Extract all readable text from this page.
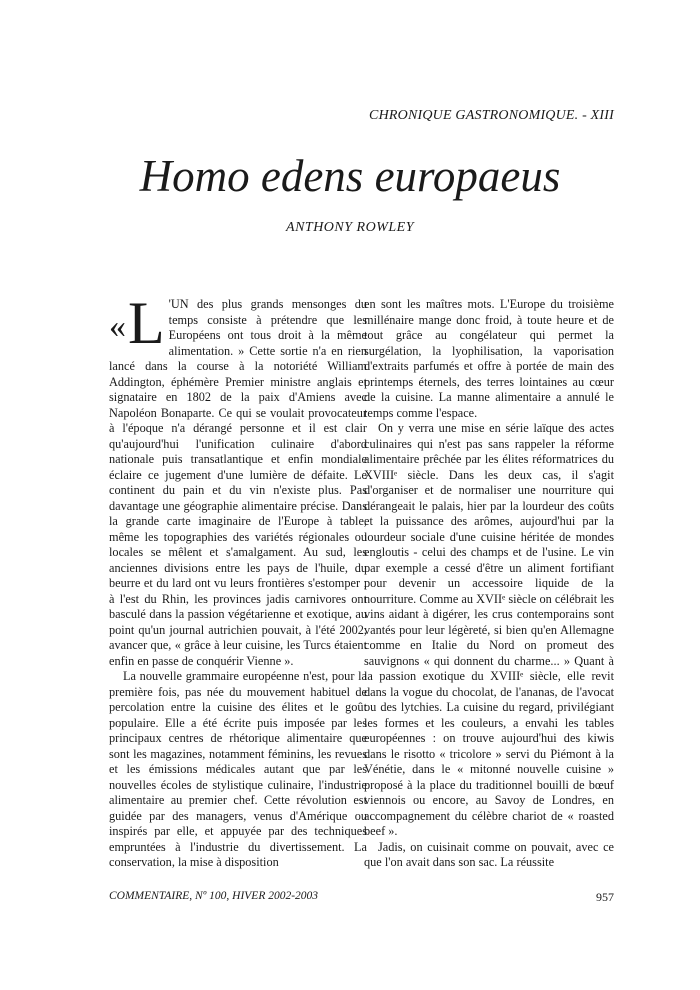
CHRONIQUE GASTRONOMIQUE. - XIII
Homo edens europaeus
ANTHONY ROWLEY

«L 'UN des plus grands mensonges du temps consiste à prétendre que les Européens ont tous droit à la même alimentation. » Cette sortie n'a en rien lancé dans la course à la notoriété William Addington, éphémère Premier ministre anglais et signataire en 1802 de la paix d'Amiens avec Napoléon Bonaparte. Ce qui se voulait provocateur à l'époque n'a dérangé personne et il est clair qu'aujourd'hui l'unification culinaire d'abord nationale puis transatlantique et enfin mondiale éclaire ce jugement d'une lumière de défaite. Le continent du pain et du vin n'existe plus. Pas davantage une géographie alimentaire précise. Dans la grande carte imaginaire de l'Europe à table, même les topographies des variétés régionales ou locales se mêlent et s'amalgament. Au sud, les anciennes divisions entre les pays de l'huile, du beurre et du lard ont vu leurs frontières s'estomper ; à l'est du Rhin, les provinces jadis carnivores ont basculé dans la passion végétarienne et exotique, au point qu'un journal autrichien pouvait, à l'été 2002, avancer que, « grâce à leur cuisine, les Turcs étaient enfin en passe de conquérir Vienne ».

La nouvelle grammaire européenne n'est, pour la première fois, pas née du mouvement habituel de percolation entre la cuisine des élites et le goût populaire. Elle a été écrite puis imposée par les principaux centres de rhétorique alimentaire que sont les magazines, notamment féminins, les revues et les émissions médicales autant que par les nouvelles écoles de stylistique culinaire, l'industrie alimentaire au premier chef. Cette révolution est guidée par des managers, venus d'Amérique ou inspirés par elle, et appuyée par des techniques empruntées à l'industrie du divertissement. La conservation, la mise à disposition

en sont les maîtres mots. L'Europe du troisième millénaire mange donc froid, à toute heure et de tout grâce au congélateur qui permet la surgélation, la lyophilisation, la vaporisation d'extraits parfumés et offre à portée de main des printemps éternels, des terres lointaines au cœur de la cuisine. La manne alimentaire a annulé le temps comme l'espace.

On y verra une mise en série laïque des actes culinaires qui n'est pas sans rappeler la réforme alimentaire prêchée par les élites réformatrices du XVIIIᵉ siècle. Dans les deux cas, il s'agit d'organiser et de normaliser une nourriture qui dérangeait le palais, hier par la lourdeur des coûts et la puissance des arômes, aujourd'hui par la lourdeur sociale d'une cuisine héritée de mondes engloutis - celui des champs et de l'usine. Le vin par exemple a cessé d'être un aliment fortifiant pour devenir un accessoire liquide de la nourriture. Comme au XVIIᵉ siècle on célébrait les vins aidant à digérer, les crus contemporains sont vantés pour leur légèreté, si bien qu'en Allemagne comme en Italie du Nord on promeut des sauvignons « qui donnent du charme... » Quant à la passion exotique du XVIIIᵉ siècle, elle revit dans la vogue du chocolat, de l'ananas, de l'avocat ou des lytchies. La cuisine du regard, privilégiant les formes et les couleurs, a envahi les tables européennes : on trouve aujourd'hui des kiwis dans le risotto « tricolore » servi du Piémont à la Vénétie, dans le « mitonné nouvelle cuisine » proposé à la place du traditionnel bouilli de bœuf viennois ou encore, au Savoy de Londres, en accompagnement du célèbre chariot de « roasted beef ».

Jadis, on cuisinait comme on pouvait, avec ce que l'on avait dans son sac. La réussite

COMMENTAIRE, Nº 100, HIVER 2002-2003	957
